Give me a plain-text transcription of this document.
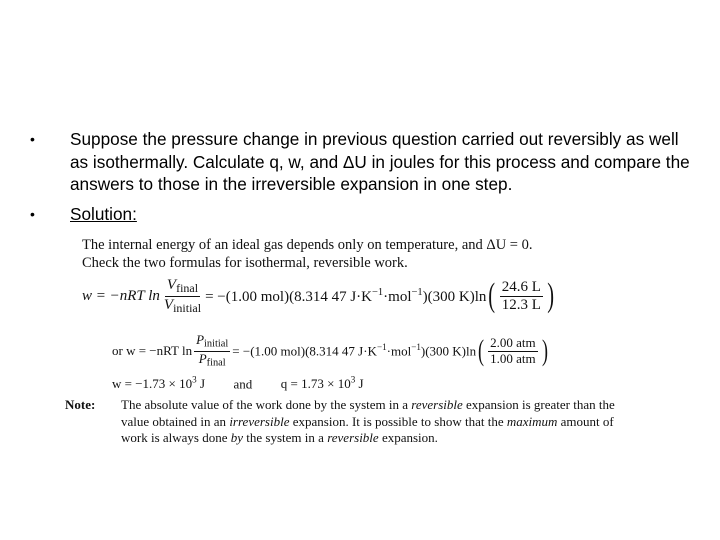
•	Suppose the pressure change in previous question carried out reversibly as well as isothermally. Calculate q, w, and ΔU in joules for this process and compare the answers to those in the irreversible expansion in one step.
•	Solution:
The internal energy of an ideal gas depends only on temperature, and ΔU = 0.
Check the two formulas for isothermal, reversible work.
w = −nRT $\ln \frac{V_{final}}{V_{initial}} = -(1.00$ mol)(8.314 47 $J\cdot K^{-1}\cdot mol^{-1})(300$ K)ln ( $\frac{24.6 L}{12.3 L}$ )
or w = −nRT $\ln \frac{P_{initial}}{P_{final}} = -(1.00$ mol)(8.314 47 $J\cdot K^{-1}\cdot mol^{-1})(300$ K)ln ( $\frac{\text{2.00 atm}}{\text{1.00 atm}}$ )
$w = -1.73 \times 10^3$ J and $q = 1.73 \times 10^3$ J
Note: The absolute value of the work done by the system in a reversible expansion is greater than the value obtained in an irreversible expansion. It is possible to show that the maximum amount of work is always done by the system in a reversible expansion.
